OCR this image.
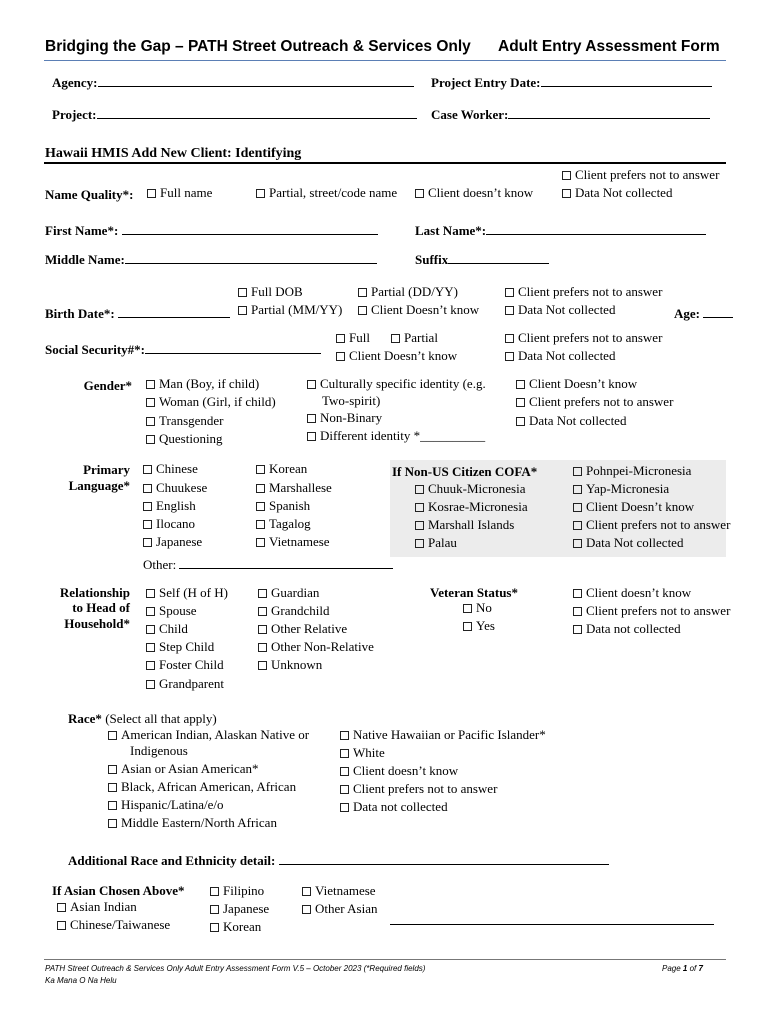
Bridging the Gap – PATH Street Outreach & Services Only Adult Entry Assessment Form
Agency:	Project Entry Date:
Project:	Case Worker:
Hawaii HMIS Add New Client: Identifying
Name Quality*:	Full name	Partial, street/code name	Client doesn’t know
Client prefers not to answer
Data Not collected
First Name*:	Last Name*:
Middle Name:	Suffix
Birth Date*:
Full DOB	Partial (DD/YY)
Partial (MM/YY)	Client Doesn’t know
Client prefers not to answer
Data Not collected	Age:
Social Security#*:
Full	Partial
Client Doesn’t know
Client prefers not to answer
Data Not collected
Gender*	Man (Boy, if child)
Woman (Girl, if child)
Transgender
Questioning
Culturally specific identity (e.g.
Two-spirit)
Non-Binary
Different identity *__________
Client Doesn’t know
Client prefers not to answer
Data Not collected
Primary
Language*
Chinese
Chuukese
English
Ilocano
Japanese
Korean
Marshallese
Spanish
Tagalog
Vietnamese
Other:
If Non-US Citizen COFA*
Chuuk-Micronesia
Kosrae-Micronesia
Marshall Islands
Palau
Pohnpei-Micronesia
Yap-Micronesia
Client Doesn’t know
Client prefers not to answer
Data Not collected
Relationship
to Head of
Household*
Self (H of H)
Spouse
Child
Step Child
Foster Child
Grandparent
Guardian
Grandchild
Other Relative
Other Non-Relative
Unknown
Veteran Status*
No
Yes
Client doesn’t know
Client prefers not to answer
Data not collected
Race* (Select all that apply)
American Indian, Alaskan Native or
Indigenous
Asian or Asian American*
Black, African American, African
Hispanic/Latina/e/o
Middle Eastern/North African
Native Hawaiian or Pacific Islander*
White
Client doesn’t know
Client prefers not to answer
Data not collected
Additional Race and Ethnicity detail:
If Asian Chosen Above*
Asian Indian
Chinese/Taiwanese
Filipino
Japanese
Korean
Vietnamese
Other Asian
PATH Street Outreach & Services Only Adult Entry Assessment Form V.5 – October 2023 (*Required fields)
Ka Mana O Na Helu
Page 1 of 7
